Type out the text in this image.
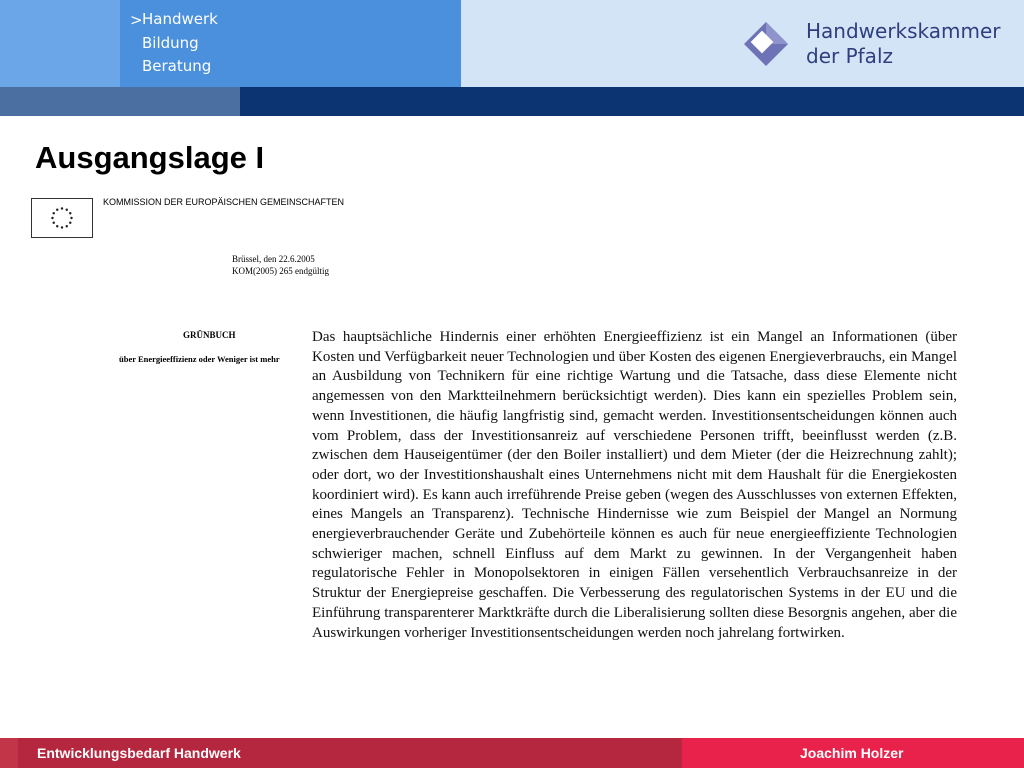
> Handwerk
Bildung
Beratung
Handwerkskammer
der Pfalz
Ausgangslage I
KOMMISSION DER EUROPÄISCHEN GEMEINSCHAFTEN
Brüssel, den 22.6.2005
KOM(2005) 265 endgültig
GRÜNBUCH
über Energieeffizienz oder Weniger ist mehr

Das hauptsächliche Hindernis einer erhöhten Energieeffizienz ist ein Mangel an Informationen (über Kosten und Verfügbarkeit neuer Technologien und über Kosten des eigenen Energieverbrauchs, ein Mangel an Ausbildung von Technikern für eine richtige Wartung und die Tatsache, dass diese Elemente nicht angemessen von den Marktteilnehmern berücksichtigt werden). Dies kann ein spezielles Problem sein, wenn Investitionen, die häufig langfristig sind, gemacht werden. Investitionsentscheidungen können auch vom Problem, dass der Investitionsanreiz auf verschiedene Personen trifft, beeinflusst werden (z.B. zwischen dem Hauseigentümer (der den Boiler installiert) und dem Mieter (der die Heizrechnung zahlt); oder dort, wo der Investitionshaushalt eines Unternehmens nicht mit dem Haushalt für die Energiekosten koordiniert wird). Es kann auch irreführende Preise geben (wegen des Ausschlusses von externen Effekten, eines Mangels an Transparenz). Technische Hindernisse wie zum Beispiel der Mangel an Normung energieverbrauchender Geräte und Zubehörteile können es auch für neue energieeffiziente Technologien schwieriger machen, schnell Einfluss auf dem Markt zu gewinnen. In der Vergangenheit haben regulatorische Fehler in Monopolsektoren in einigen Fällen versehentlich Verbrauchsanreize in der Struktur der Energiepreise geschaffen. Die Verbesserung des regulatorischen Systems in der EU und die Einführung transparenterer Marktkräfte durch die Liberalisierung sollten diese Besorgnis angehen, aber die Auswirkungen vorheriger Investitionsentscheidungen werden noch jahrelang fortwirken.

Entwicklungsbedarf Handwerk	Joachim Holzer
